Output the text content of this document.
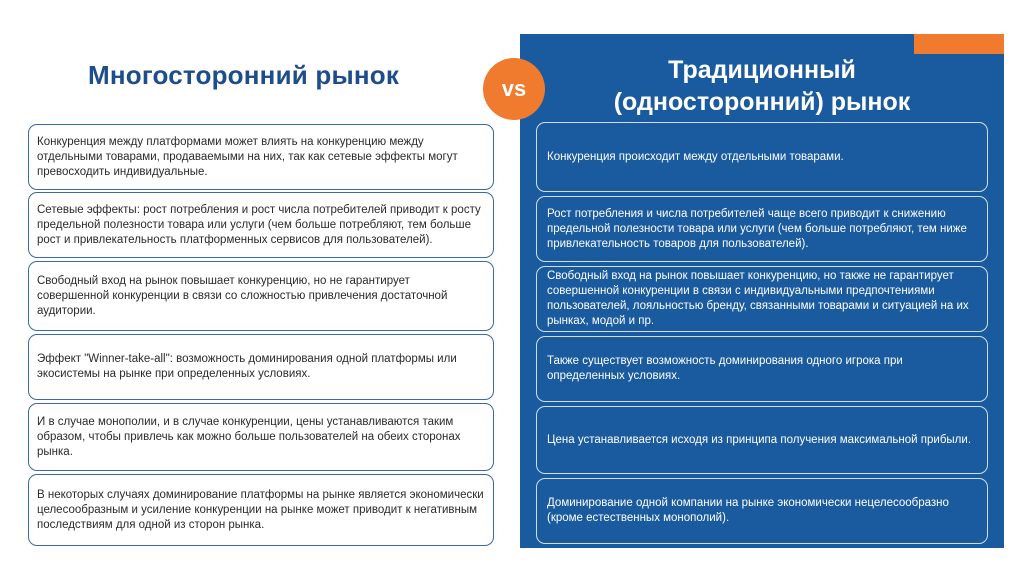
Многосторонний рынок
Конкуренция между платформами может влиять на конкуренцию между отдельными товарами, продаваемыми на них, так как сетевые эффекты могут превосходить индивидуальные.
Сетевые эффекты: рост потребления и рост числа потребителей приводит к росту предельной полезности товара или услуги (чем больше потребляют, тем больше рост и привлекательность платформенных сервисов для пользователей).
Свободный вход на рынок повышает конкуренцию, но не гарантирует совершенной конкуренции в связи со сложностью привлечения достаточной аудитории.
Эффект "Winner-take-all": возможность доминирования одной платформы или экосистемы на рынке при определенных условиях.
И в случае монополии, и в случае конкуренции, цены устанавливаются таким образом, чтобы привлечь как можно больше пользователей на обеих сторонах рынка.
В некоторых случаях доминирование платформы на рынке является экономически целесообразным и усиление конкуренции на рынке может приводит к негативным последствиям для одной из сторон рынка.
vs
Традиционный
(односторонний) рынок
Конкуренция происходит между отдельными товарами.
Рост потребления и числа потребителей чаще всего приводит к снижению предельной полезности товара или услуги (чем больше потребляют, тем ниже привлекательность товаров для пользователей).
Свободный вход на рынок повышает конкуренцию, но также не гарантирует совершенной конкуренции в связи с индивидуальными предпочтениями пользователей, лояльностью бренду, связанными товарами и ситуацией на их рынках, модой и пр.
Также существует возможность доминирования одного игрока при определенных условиях.
Цена устанавливается исходя из принципа получения максимальной прибыли.
Доминирование одной компании на рынке экономически нецелесообразно (кроме естественных монополий).
